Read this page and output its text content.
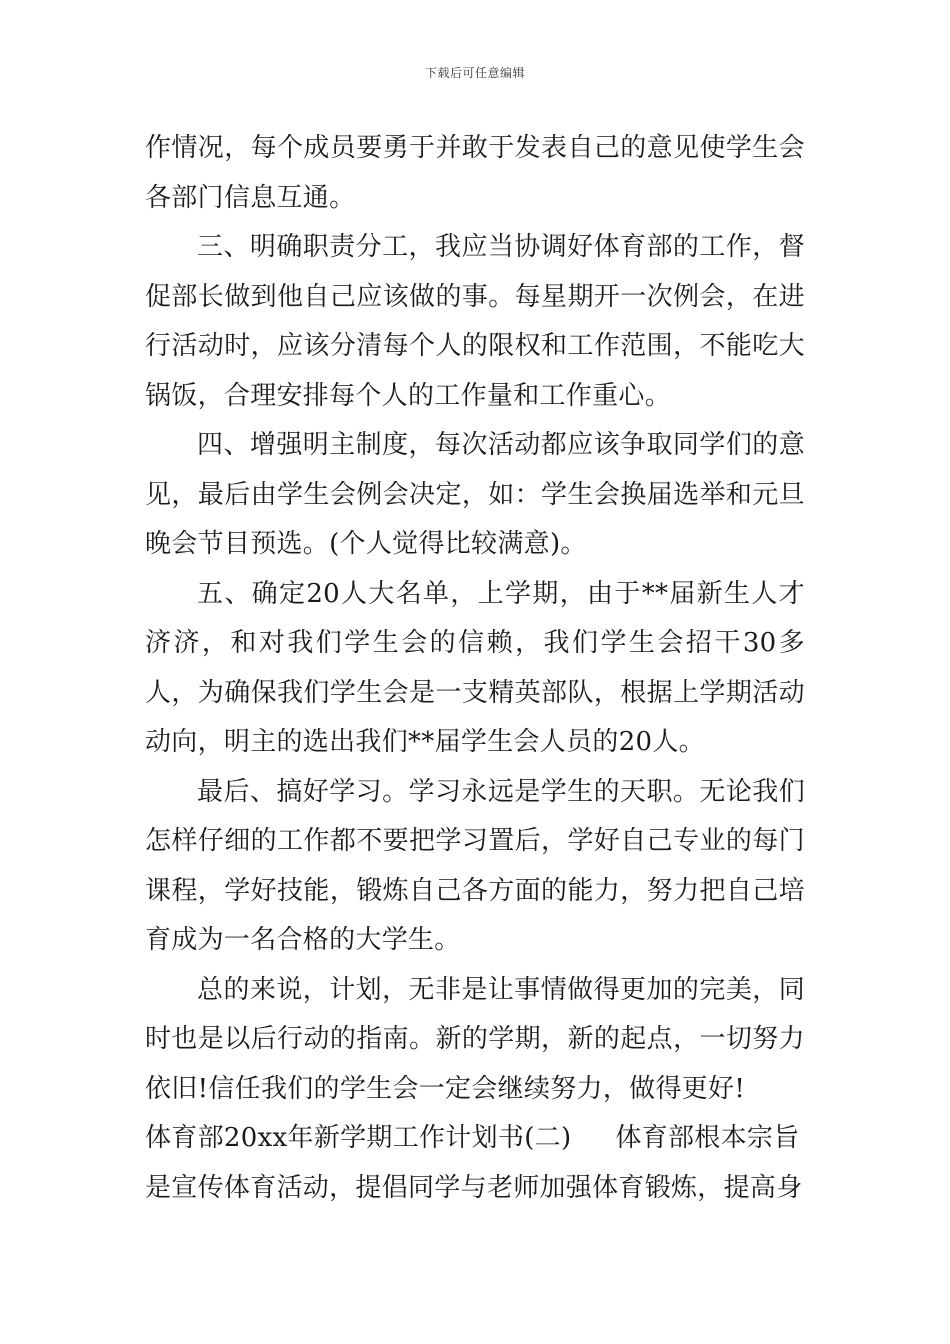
下载后可任意编辑

作情况，每个成员要勇于并敢于发表自己的意见使学生会各部门信息互通。

三、明确职责分工，我应当协调好体育部的工作，督促部长做到他自己应该做的事。每星期开一次例会，在进行活动时，应该分清每个人的限权和工作范围，不能吃大锅饭，合理安排每个人的工作量和工作重心。

四、增强明主制度，每次活动都应该争取同学们的意见，最后由学生会例会决定，如：学生会换届选举和元旦晚会节目预选。(个人觉得比较满意)。

五、确定20人大名单，上学期，由于**届新生人才济济，和对我们学生会的信赖，我们学生会招干30多人，为确保我们学生会是一支精英部队，根据上学期活动动向，明主的选出我们**届学生会人员的20人。

最后、搞好学习。学习永远是学生的天职。无论我们怎样仔细的工作都不要把学习置后，学好自己专业的每门课程，学好技能，锻炼自己各方面的能力，努力把自己培育成为一名合格的大学生。

总的来说，计划，无非是让事情做得更加的完美，同时也是以后行动的指南。新的学期，新的起点，一切努力依旧!信任我们的学生会一定会继续努力，做得更好!

体育部20xx年新学期工作计划书(二) 体育部根本宗旨

是宣传体育活动，提倡同学与老师加强体育锻炼，提高身
